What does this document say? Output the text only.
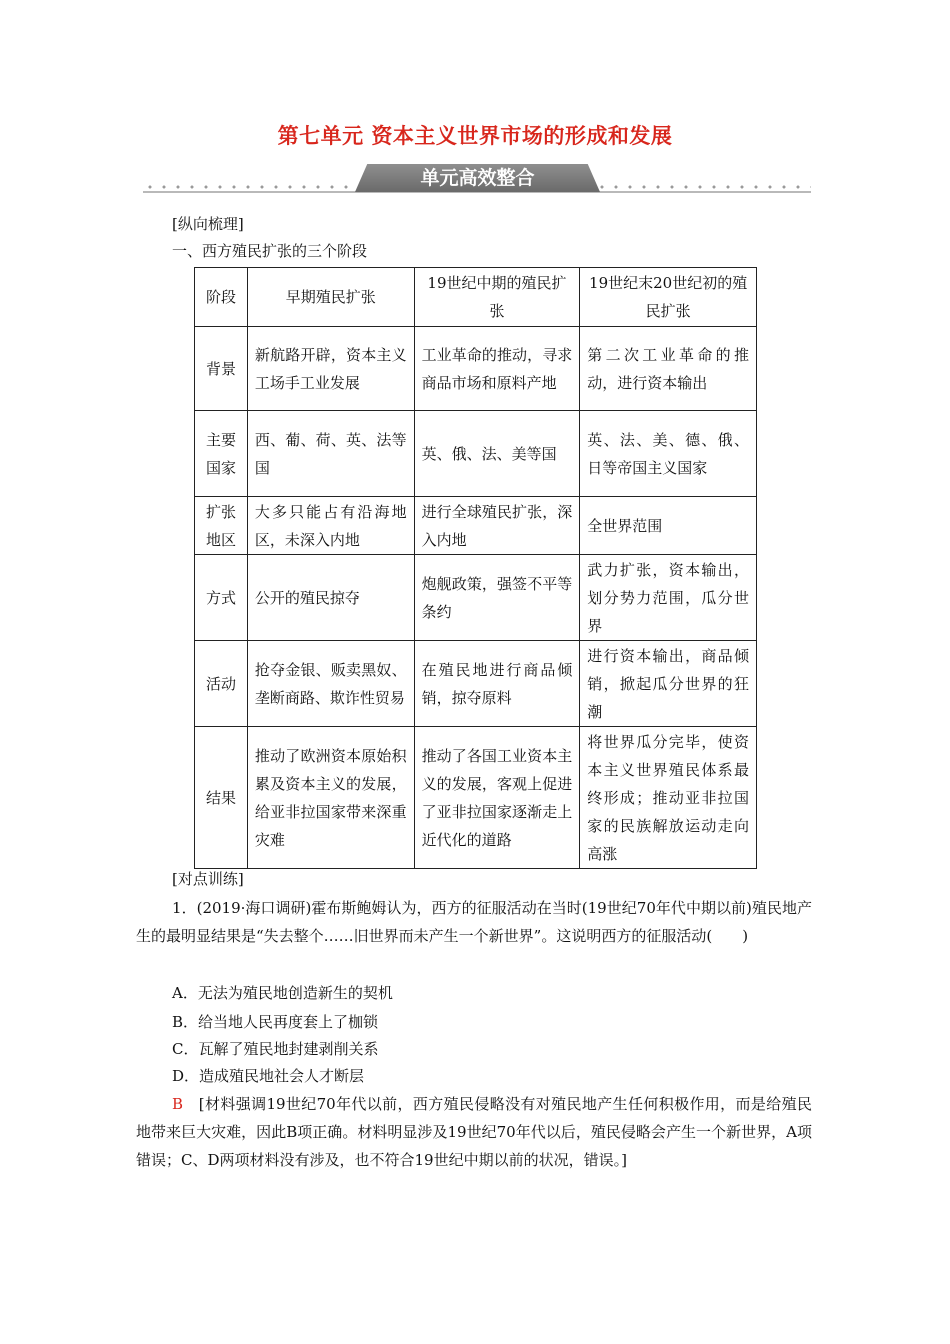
第七单元 资本主义世界市场的形成和发展
单元高效整合
[纵向梳理]
一、西方殖民扩张的三个阶段
阶段	早期殖民扩张	19世纪中期的殖民扩张	19世纪末20世纪初的殖民扩张
背景	新航路开辟，资本主义工场手工业发展	工业革命的推动，寻求商品市场和原料产地	第二次工业革命的推动，进行资本输出
主要国家	西、葡、荷、英、法等国	英、俄、法、美等国	英、法、美、德、俄、日等帝国主义国家
扩张地区	大多只能占有沿海地区，未深入内地	进行全球殖民扩张，深入内地	全世界范围
方式	公开的殖民掠夺	炮舰政策，强签不平等条约	武力扩张，资本输出，划分势力范围，瓜分世界
活动	抢夺金银、贩卖黑奴、垄断商路、欺诈性贸易	在殖民地进行商品倾销，掠夺原料	进行资本输出，商品倾销，掀起瓜分世界的狂潮
结果	推动了欧洲资本原始积累及资本主义的发展，给亚非拉国家带来深重灾难	推动了各国工业资本主义的发展，客观上促进了亚非拉国家逐渐走上近代化的道路	将世界瓜分完毕，使资本主义世界殖民体系最终形成；推动亚非拉国家的民族解放运动走向高涨
[对点训练]
1．(2019·海口调研)霍布斯鲍姆认为，西方的征服活动在当时(19世纪70年代中期以前)殖民地产生的最明显结果是“失去整个……旧世界而未产生一个新世界”。这说明西方的征服活动(　　)
A．无法为殖民地创造新生的契机
B．给当地人民再度套上了枷锁
C．瓦解了殖民地封建剥削关系
D．造成殖民地社会人才断层
B　 [材料强调19世纪70年代以前，西方殖民侵略没有对殖民地产生任何积极作用，而是给殖民地带来巨大灾难，因此B项正确。材料明显涉及19世纪70年代以后，殖民侵略会产生一个新世界，A项错误；C、D两项材料没有涉及，也不符合19世纪中期以前的状况，错误。]
